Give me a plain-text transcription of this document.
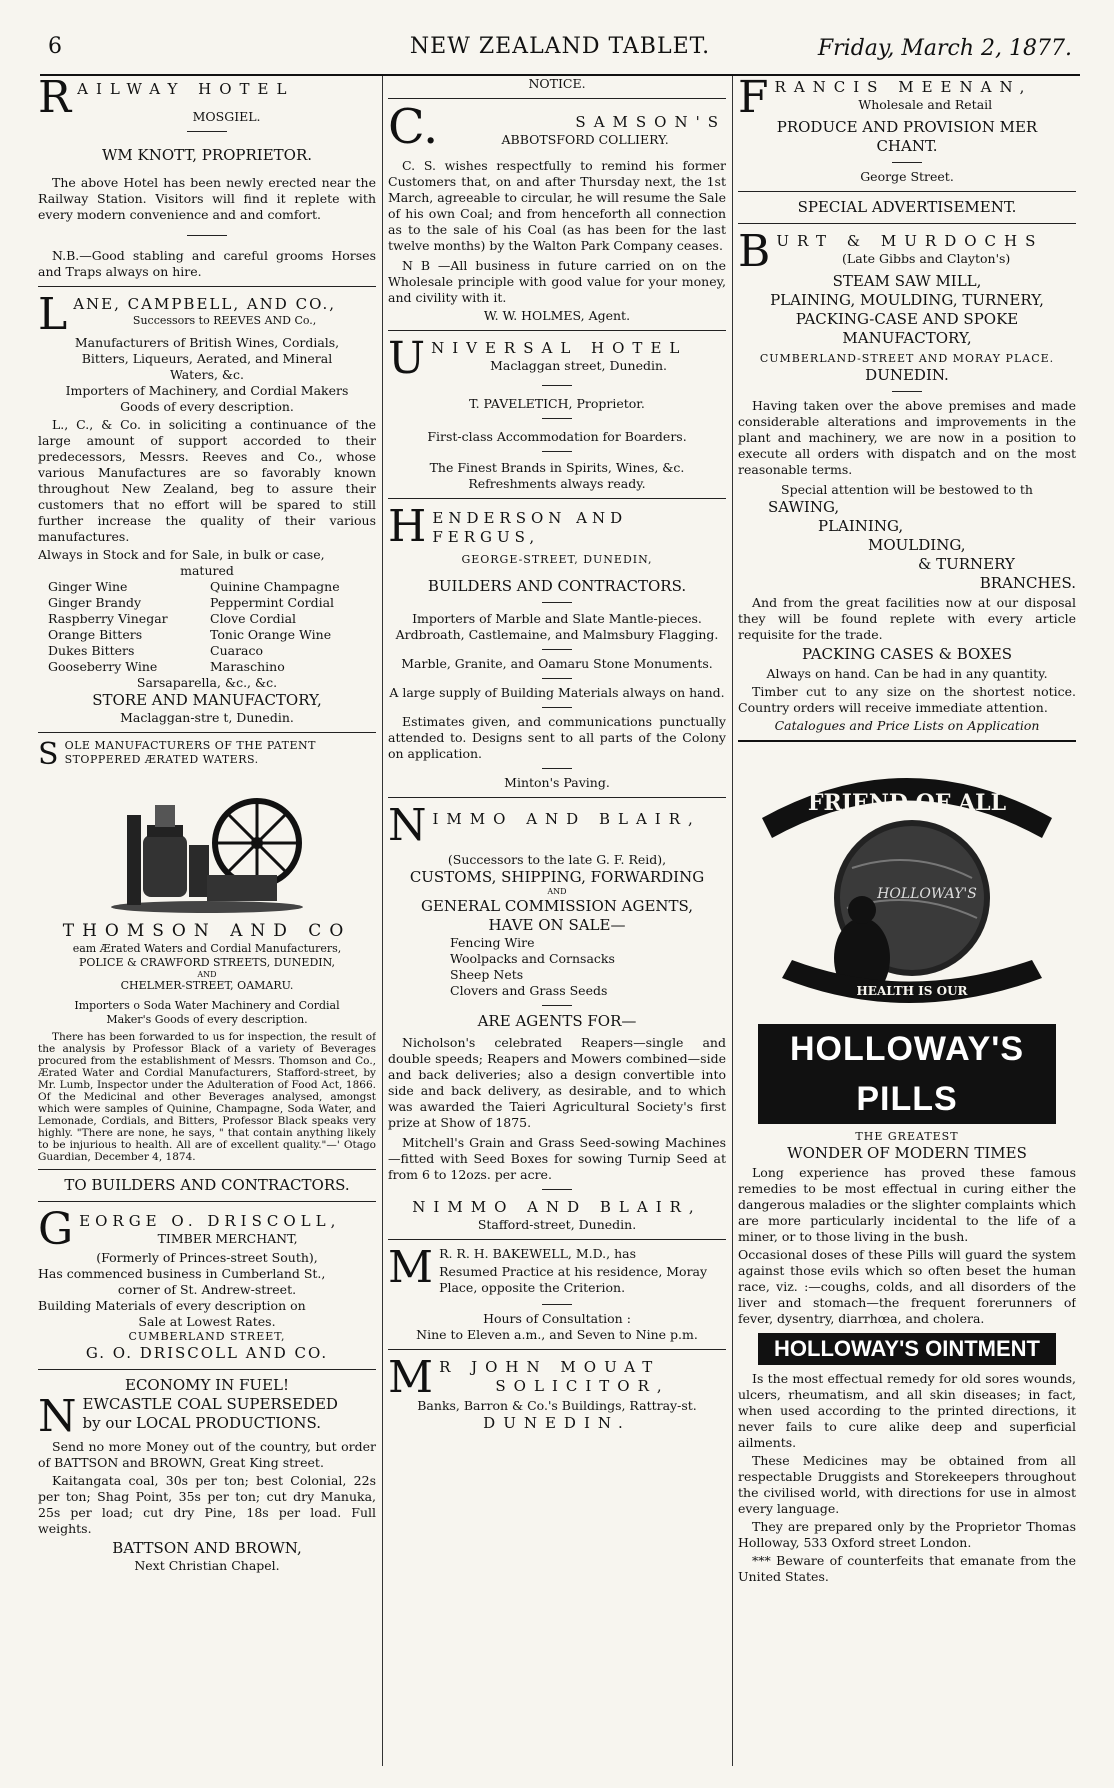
6	NEW ZEALAND TABLET.	Friday, March 2, 1877.
R AILWAY HOTEL
MOSGIEL.
WM KNOTT, PROPRIETOR.

The above Hotel has been newly erected near the Railway Station. Visitors will find it replete with every modern convenience and and comfort.

N.B.—Good stabling and careful grooms Horses and Traps always on hire.

L ANE, CAMPBELL, AND CO.,
Successors to REEVES AND Co.,
Manufacturers of British Wines, Cordials,
Bitters, Liqueurs, Aerated, and Mineral
Waters, &c.
Importers of Machinery, and Cordial Makers
Goods of every description.

L., C., & Co. in soliciting a continuance of the large amount of support accorded to their predecessors, Messrs. Reeves and Co., whose various Manufactures are so favorably known throughout New Zealand, beg to assure their customers that no effort will be spared to still further increase the quality of their various manufactures.

Always in Stock and for Sale, in bulk or case,
matured
Ginger Wine	Quinine Champagne
Ginger Brandy	Peppermint Cordial
Raspberry Vinegar	Clove Cordial
Orange Bitters	Tonic Orange Wine
Dukes Bitters	Cuaraco
Gooseberry Wine	Maraschino
Sarsaparella, &c., &c.
STORE AND MANUFACTORY,
Maclaggan-stre t, Dunedin.
S OLE MANUFACTURERS OF THE PATENT STOPPERED ÆRATED WATERS.
THOMSON AND CO
eam Ærated Waters and Cordial Manufacturers,
POLICE & CRAWFORD STREETS, DUNEDIN,
AND
CHELMER-STREET, OAMARU.
Importers o Soda Water Machinery and Cordial
Maker's Goods of every description.

There has been forwarded to us for inspection, the result of the analysis by Professor Black of a variety of Beverages procured from the establishment of Messrs. Thomson and Co., Ærated Water and Cordial Manufacturers, Stafford-street, by Mr. Lumb, Inspector under the Adulteration of Food Act, 1866. Of the Medicinal and other Beverages analysed, amongst which were samples of Quinine, Champagne, Soda Water, and Lemonade, Cordials, and Bitters, Professor Black speaks very highly. "There are none, he says, " that contain anything likely to be injurious to health. All are of excellent quality."—' Otago Guardian, December 4, 1874.

TO BUILDERS AND CONTRACTORS.
G EORGE O. DRISCOLL,
TIMBER MERCHANT,
(Formerly of Princes-street South),
Has commenced business in Cumberland St.,
corner of St. Andrew-street.
Building Materials of every description on
Sale at Lowest Rates.
CUMBERLAND STREET,
G. O. DRISCOLL AND CO.
ECONOMY IN FUEL!
N EWCASTLE COAL SUPERSEDED
by our LOCAL PRODUCTIONS.

Send no more Money out of the country, but order of BATTSON and BROWN, Great King street.

Kaitangata coal, 30s per ton; best Colonial, 22s per ton; Shag Point, 35s per ton; cut dry Manuka, 25s per load; cut dry Pine, 18s per load. Full weights.

BATTSON AND BROWN,
Next Christian Chapel.
NOTICE.
C.	SAMSON'S
ABBOTSFORD COLLIERY.

C. S. wishes respectfully to remind his former Customers that, on and after Thursday next, the 1st March, agreeable to circular, he will resume the Sale of his own Coal; and from henceforth all connection as to the sale of his Coal (as has been for the last twelve months) by the Walton Park Company ceases.

N B —All business in future carried on on the Wholesale principle with good value for your money, and civility with it.

W. W. HOLMES, Agent.
U NIVERSAL HOTEL
Maclaggan street, Dunedin.
T. PAVELETICH, Proprietor.
First-class Accommodation for Boarders.
The Finest Brands in Spirits, Wines, &c.
Refreshments always ready.
H ENDERSON AND FERGUS,
GEORGE-STREET, DUNEDIN,
BUILDERS AND CONTRACTORS.

Importers of Marble and Slate Mantle-pieces. Ardbroath, Castlemaine, and Malmsbury Flagging.

Marble, Granite, and Oamaru Stone Monuments.

A large supply of Building Materials always on hand.

Estimates given, and communications punctually attended to. Designs sent to all parts of the Colony on application.

Minton's Paving.

N IMMO AND BLAIR,
(Successors to the late G. F. Reid),
CUSTOMS, SHIPPING, FORWARDING
AND
GENERAL COMMISSION AGENTS,
HAVE ON SALE—
Fencing Wire
Woolpacks and Cornsacks
Sheep Nets
Clovers and Grass Seeds
ARE AGENTS FOR—

Nicholson's celebrated Reapers—single and double speeds; Reapers and Mowers combined—side and back deliveries; also a design convertible into side and back delivery, as desirable, and to which was awarded the Taieri Agricultural Society's first prize at Show of 1875.

Mitchell's Grain and Grass Seed-sowing Machines—fitted with Seed Boxes for sowing Turnip Seed at from 6 to 12ozs. per acre.

NIMMO AND BLAIR,
Stafford-street, Dunedin.
M R. R. H. BAKEWELL, M.D., has

Resumed Practice at his residence, Moray Place, opposite the Criterion.

Hours of Consultation :
Nine to Eleven a.m., and Seven to Nine p.m.
M R JOHN MOUAT
SOLICITOR,
Banks, Barron & Co.'s Buildings, Rattray-st.
DUNEDIN.
F RANCIS MEENAN,
Wholesale and Retail
PRODUCE AND PROVISION MER
CHANT.
George Street.
SPECIAL ADVERTISEMENT.
B URT & MURDOCHS
(Late Gibbs and Clayton's)
STEAM SAW MILL,
PLAINING, MOULDING, TURNERY,
PACKING-CASE AND SPOKE
MANUFACTORY,
CUMBERLAND-STREET AND MORAY PLACE.
DUNEDIN.

Having taken over the above premises and made considerable alterations and improvements in the plant and machinery, we are now in a position to execute all orders with dispatch and on the most reasonable terms.

Special attention will be bestowed to th
SAWING,
PLAINING,
MOULDING,
& TURNERY
BRANCHES.

And from the great facilities now at our disposal they will be found replete with every article requisite for the trade.

PACKING CASES & BOXES

Always on hand. Can be had in any quantity.

Timber cut to any size on the shortest notice. Country orders will receive immediate attention.

Catalogues and Price Lists on Application
FRIEND OF ALL
HOLLOWAY'S
HEALTH IS OUR
HOLLOWAY'S PILLS
THE GREATEST
WONDER OF MODERN TIMES

Long experience has proved these famous remedies to be most effectual in curing either the dangerous maladies or the slighter complaints which are more particularly incidental to the life of a miner, or to those living in the bush.

Occasional doses of these Pills will guard the system against those evils which so often beset the human race, viz. :—coughs, colds, and all disorders of the liver and stomach—the frequent forerunners of fever, dysentry, diarrhœa, and cholera.

HOLLOWAY'S OINTMENT

Is the most effectual remedy for old sores wounds, ulcers, rheumatism, and all skin diseases; in fact, when used according to the printed directions, it never fails to cure alike deep and superficial ailments.

These Medicines may be obtained from all respectable Druggists and Storekeepers throughout the civilised world, with directions for use in almost every language.

They are prepared only by the Proprietor Thomas Holloway, 533 Oxford street London.

*** Beware of counterfeits that emanate from the United States.
